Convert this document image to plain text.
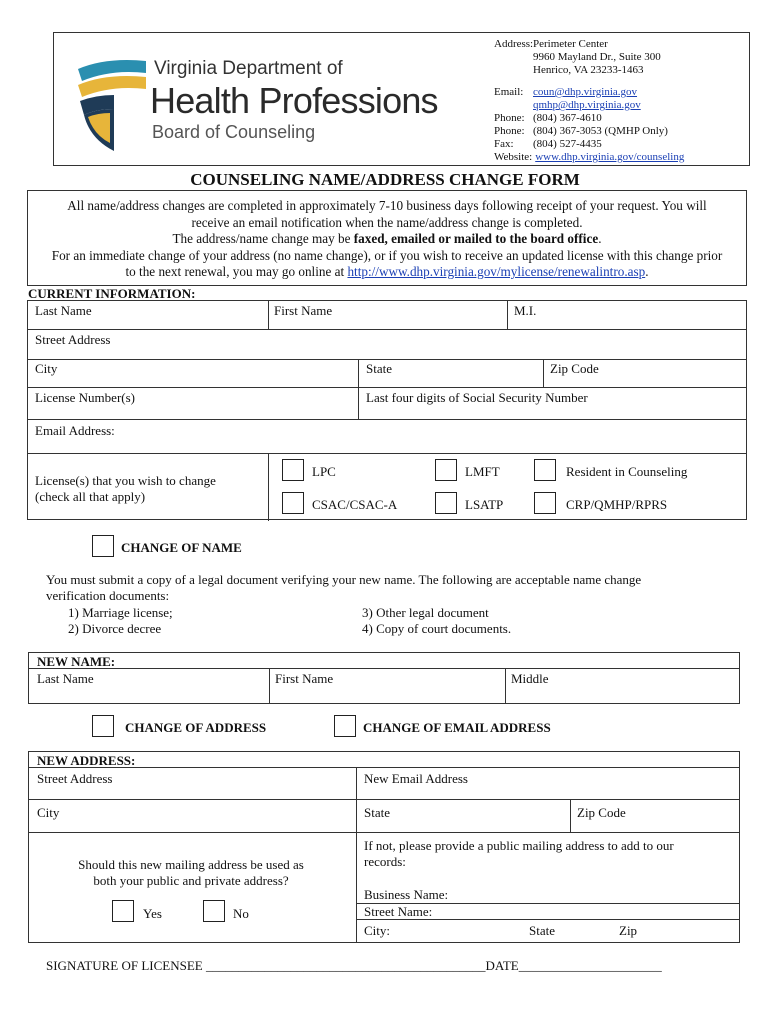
Virginia Department of
Health Professions
Board of Counseling
Address: Perimeter Center
9960 Mayland Dr., Suite 300
Henrico, VA 23233-1463
Email: coun@dhp.virginia.gov
qmhp@dhp.virginia.gov
Phone: (804) 367-4610
Phone: (804) 367-3053 (QMHP Only)
Fax:	(804) 527-4435
Website: www.dhp.virginia.gov/counseling
COUNSELING NAME/ADDRESS CHANGE FORM
All name/address changes are completed in approximately 7-10 business days following receipt of your request. You will
receive an email notification when the name/address change is completed.
The address/name change may be faxed, emailed or mailed to the board office.
For an immediate change of your address (no name change), or if you wish to receive an updated license with this change prior
to the next renewal, you may go online at http://www.dhp.virginia.gov/mylicense/renewalintro.asp.
CURRENT INFORMATION:
Last Name	First Name	M.I.
Street Address
City	State	Zip Code
License Number(s)	Last four digits of Social Security Number
Email Address:
License(s) that you wish to change
(check all that apply)
LPC	LMFT	Resident in Counseling
CSAC/CSAC-A	LSATP	CRP/QMHP/RPRS
CHANGE OF NAME
You must submit a copy of a legal document verifying your new name. The following are acceptable name change
verification documents:
1) Marriage license;
2) Divorce decree
3) Other legal document
4) Copy of court documents.
NEW NAME:
Last Name	First Name	Middle
CHANGE OF ADDRESS	CHANGE OF EMAIL ADDRESS
NEW ADDRESS:
Street Address	New Email Address
City	State	Zip Code
Should this new mailing address be used as
both your public and private address?
Yes	No
If not, please provide a public mailing address to add to our
records:
Business Name:
Street Name:
City:	State	Zip
SIGNATURE OF LICENSEE ___________________________________________DATE______________________
